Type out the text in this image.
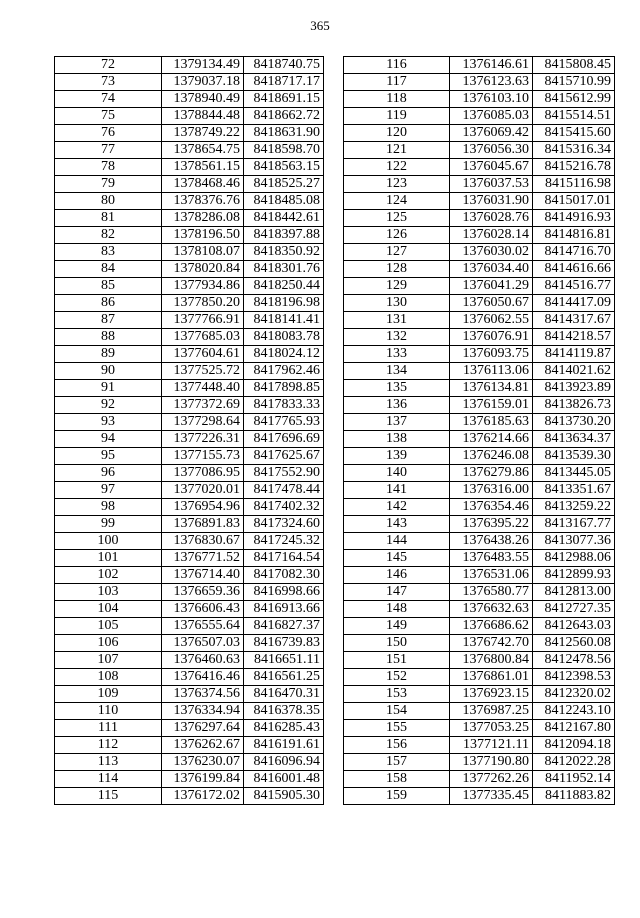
365
72	1379134.49	8418740.75
73	1379037.18	8418717.17
74	1378940.49	8418691.15
75	1378844.48	8418662.72
76	1378749.22	8418631.90
77	1378654.75	8418598.70
78	1378561.15	8418563.15
79	1378468.46	8418525.27
80	1378376.76	8418485.08
81	1378286.08	8418442.61
82	1378196.50	8418397.88
83	1378108.07	8418350.92
84	1378020.84	8418301.76
85	1377934.86	8418250.44
86	1377850.20	8418196.98
87	1377766.91	8418141.41
88	1377685.03	8418083.78
89	1377604.61	8418024.12
90	1377525.72	8417962.46
91	1377448.40	8417898.85
92	1377372.69	8417833.33
93	1377298.64	8417765.93
94	1377226.31	8417696.69
95	1377155.73	8417625.67
96	1377086.95	8417552.90
97	1377020.01	8417478.44
98	1376954.96	8417402.32
99	1376891.83	8417324.60
100	1376830.67	8417245.32
101	1376771.52	8417164.54
102	1376714.40	8417082.30
103	1376659.36	8416998.66
104	1376606.43	8416913.66
105	1376555.64	8416827.37
106	1376507.03	8416739.83
107	1376460.63	8416651.11
108	1376416.46	8416561.25
109	1376374.56	8416470.31
110	1376334.94	8416378.35
111	1376297.64	8416285.43
112	1376262.67	8416191.61
113	1376230.07	8416096.94
114	1376199.84	8416001.48
115	1376172.02	8415905.30
116	1376146.61	8415808.45
117	1376123.63	8415710.99
118	1376103.10	8415612.99
119	1376085.03	8415514.51
120	1376069.42	8415415.60
121	1376056.30	8415316.34
122	1376045.67	8415216.78
123	1376037.53	8415116.98
124	1376031.90	8415017.01
125	1376028.76	8414916.93
126	1376028.14	8414816.81
127	1376030.02	8414716.70
128	1376034.40	8414616.66
129	1376041.29	8414516.77
130	1376050.67	8414417.09
131	1376062.55	8414317.67
132	1376076.91	8414218.57
133	1376093.75	8414119.87
134	1376113.06	8414021.62
135	1376134.81	8413923.89
136	1376159.01	8413826.73
137	1376185.63	8413730.20
138	1376214.66	8413634.37
139	1376246.08	8413539.30
140	1376279.86	8413445.05
141	1376316.00	8413351.67
142	1376354.46	8413259.22
143	1376395.22	8413167.77
144	1376438.26	8413077.36
145	1376483.55	8412988.06
146	1376531.06	8412899.93
147	1376580.77	8412813.00
148	1376632.63	8412727.35
149	1376686.62	8412643.03
150	1376742.70	8412560.08
151	1376800.84	8412478.56
152	1376861.01	8412398.53
153	1376923.15	8412320.02
154	1376987.25	8412243.10
155	1377053.25	8412167.80
156	1377121.11	8412094.18
157	1377190.80	8412022.28
158	1377262.26	8411952.14
159	1377335.45	8411883.82
